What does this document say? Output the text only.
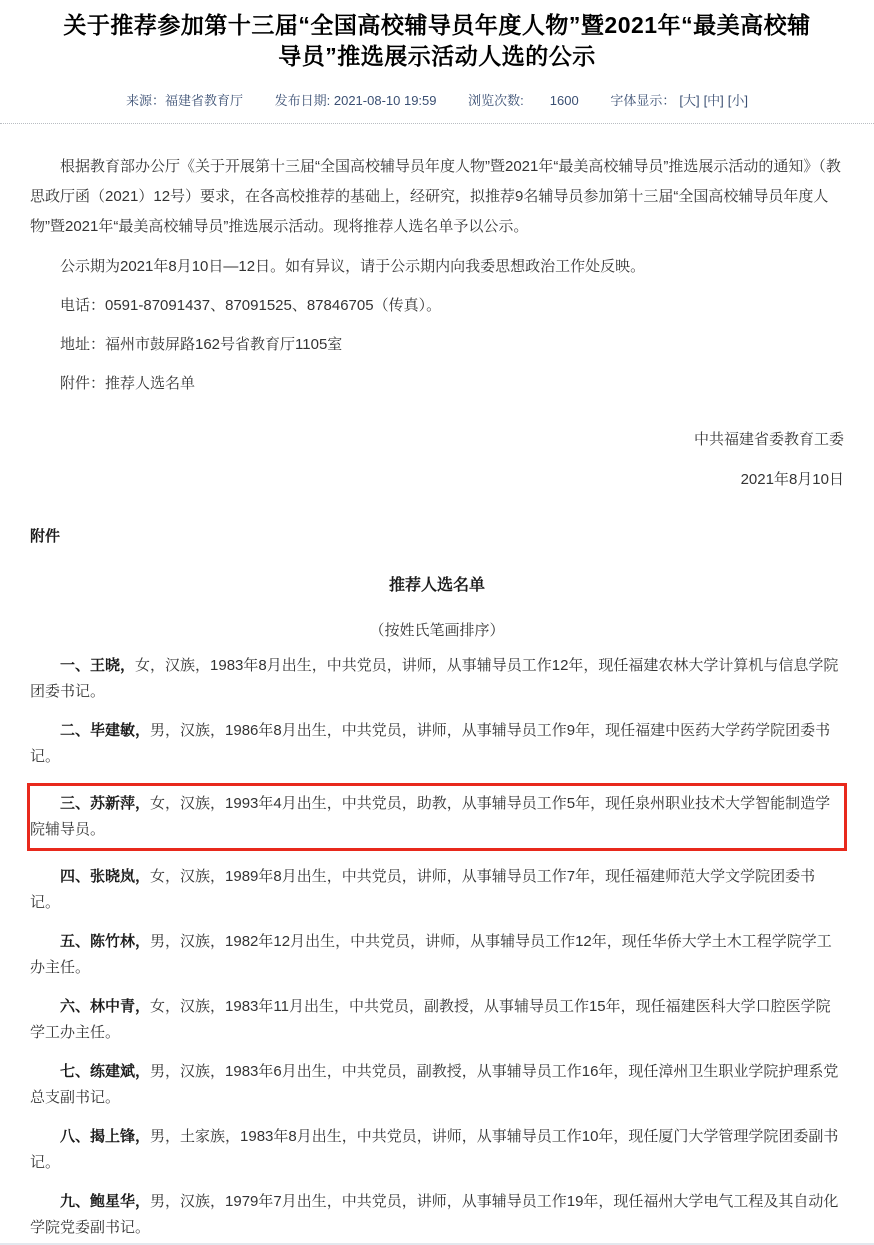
关于推荐参加第十三届“全国高校辅导员年度人物”暨2021年“最美高校辅导员”推选展示活动人选的公示
来源：福建省教育厅 发布日期: 2021-08-10 19:59 浏览次数: 1600 字体显示： [大] [中] [小]

根据教育部办公厅《关于开展第十三届“全国高校辅导员年度人物”暨2021年“最美高校辅导员”推选展示活动的通知》（教思政厅函（2021）12号）要求，在各高校推荐的基础上，经研究，拟推荐9名辅导员参加第十三届“全国高校辅导员年度人物”暨2021年“最美高校辅导员”推选展示活动。现将推荐人选名单予以公示。

公示期为2021年8月10日—12日。如有异议，请于公示期内向我委思想政治工作处反映。

电话：0591-87091437、87091525、87846705（传真）。

地址：福州市鼓屏路162号省教育厅1105室

附件：推荐人选名单

中共福建省委教育工委

2021年8月10日

附件

推荐人选名单

（按姓氏笔画排序）

一、王晓，女，汉族，1983年8月出生，中共党员，讲师，从事辅导员工作12年，现任福建农林大学计算机与信息学院团委书记。

二、毕建敏，男，汉族，1986年8月出生，中共党员，讲师，从事辅导员工作9年，现任福建中医药大学药学院团委书记。

三、苏新萍，女，汉族，1993年4月出生，中共党员，助教，从事辅导员工作5年，现任泉州职业技术大学智能制造学院辅导员。

四、张晓岚，女，汉族，1989年8月出生，中共党员，讲师，从事辅导员工作7年，现任福建师范大学文学院团委书记。

五、陈竹林，男，汉族，1982年12月出生，中共党员，讲师，从事辅导员工作12年，现任华侨大学土木工程学院学工办主任。

六、林中青，女，汉族，1983年11月出生，中共党员，副教授，从事辅导员工作15年，现任福建医科大学口腔医学院学工办主任。

七、练建斌，男，汉族，1983年6月出生，中共党员，副教授，从事辅导员工作16年，现任漳州卫生职业学院护理系党总支副书记。

八、揭上锋，男，土家族，1983年8月出生，中共党员，讲师，从事辅导员工作10年，现任厦门大学管理学院团委副书记。

九、鲍星华，男，汉族，1979年7月出生，中共党员，讲师，从事辅导员工作19年，现任福州大学电气工程及其自动化学院党委副书记。
